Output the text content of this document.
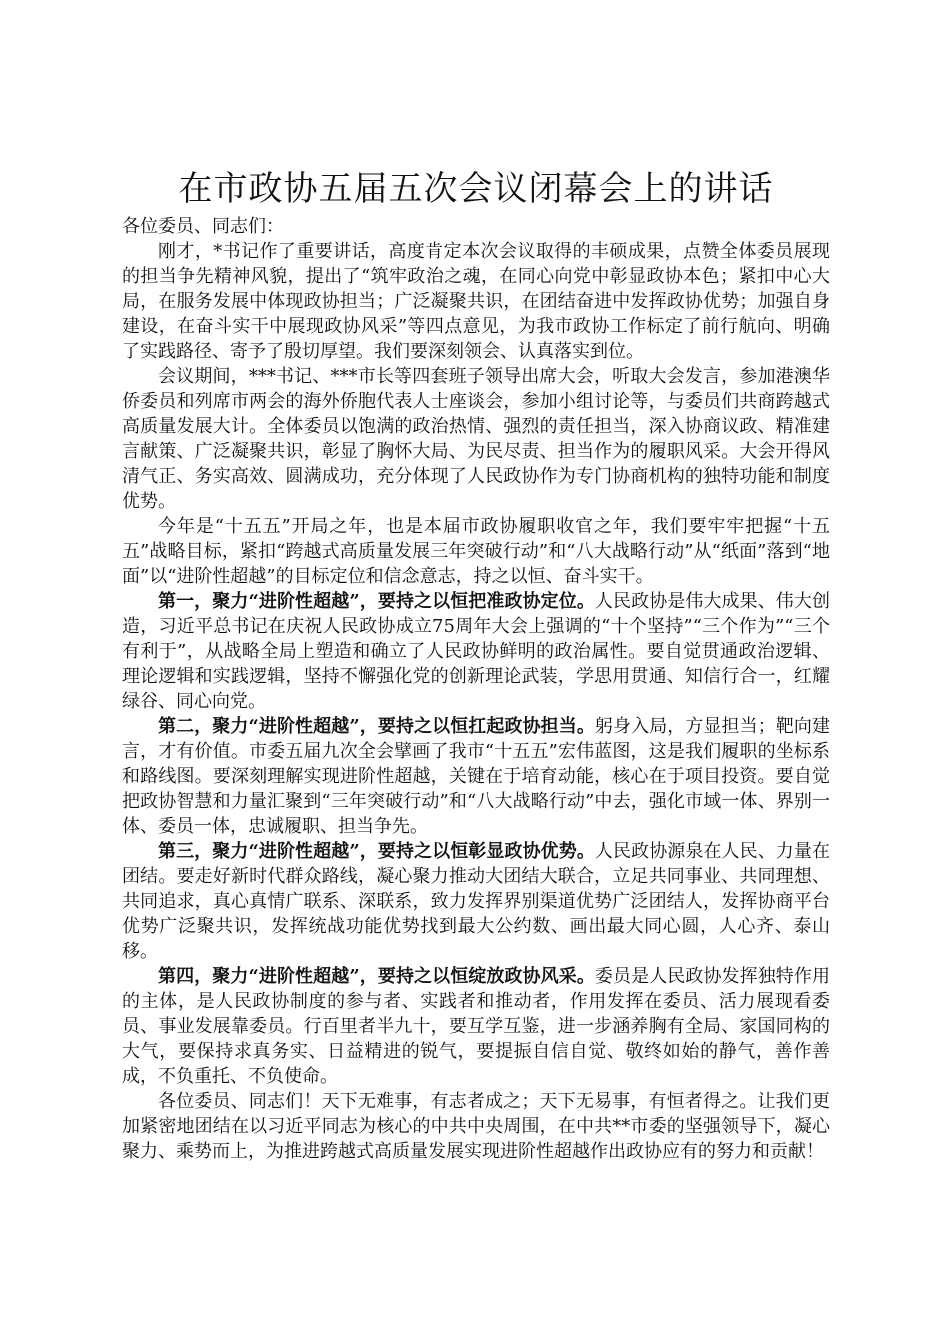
在市政协五届五次会议闭幕会上的讲话

各位委员、同志们：

刚才，*书记作了重要讲话，高度肯定本次会议取得的丰硕成果，点赞全体委员展现的担当争先精神风貌，提出了“筑牢政治之魂，在同心向党中彰显政协本色；紧扣中心大局，在服务发展中体现政协担当；广泛凝聚共识，在团结奋进中发挥政协优势；加强自身建设，在奋斗实干中展现政协风采”等四点意见，为我市政协工作标定了前行航向、明确了实践路径、寄予了殷切厚望。我们要深刻领会、认真落实到位。

会议期间，***书记、***市长等四套班子领导出席大会，听取大会发言，参加港澳华侨委员和列席市两会的海外侨胞代表人士座谈会，参加小组讨论等，与委员们共商跨越式高质量发展大计。全体委员以饱满的政治热情、强烈的责任担当，深入协商议政、精准建言献策、广泛凝聚共识，彰显了胸怀大局、为民尽责、担当作为的履职风采。大会开得风清气正、务实高效、圆满成功，充分体现了人民政协作为专门协商机构的独特功能和制度优势。

今年是“十五五”开局之年，也是本届市政协履职收官之年，我们要牢牢把握“十五五”战略目标，紧扣“跨越式高质量发展三年突破行动”和“八大战略行动”从“纸面”落到“地面”以“进阶性超越”的目标定位和信念意志，持之以恒、奋斗实干。

第一，聚力“进阶性超越”，要持之以恒把准政协定位。人民政协是伟大成果、伟大创造，习近平总书记在庆祝人民政协成立75周年大会上强调的“十个坚持”“三个作为”“三个有利于”，从战略全局上塑造和确立了人民政协鲜明的政治属性。要自觉贯通政治逻辑、理论逻辑和实践逻辑，坚持不懈强化党的创新理论武装，学思用贯通、知信行合一，红耀绿谷、同心向党。

第二，聚力“进阶性超越”，要持之以恒扛起政协担当。躬身入局，方显担当；靶向建言，才有价值。市委五届九次全会擘画了我市“十五五”宏伟蓝图，这是我们履职的坐标系和路线图。要深刻理解实现进阶性超越，关键在于培育动能，核心在于项目投资。要自觉把政协智慧和力量汇聚到“三年突破行动”和“八大战略行动”中去，强化市域一体、界别一体、委员一体，忠诚履职、担当争先。

第三，聚力“进阶性超越”，要持之以恒彰显政协优势。人民政协源泉在人民、力量在团结。要走好新时代群众路线，凝心聚力推动大团结大联合，立足共同事业、共同理想、共同追求，真心真情广联系、深联系，致力发挥界别渠道优势广泛团结人，发挥协商平台优势广泛聚共识，发挥统战功能优势找到最大公约数、画出最大同心圆，人心齐、泰山移。

第四，聚力“进阶性超越”，要持之以恒绽放政协风采。委员是人民政协发挥独特作用的主体，是人民政协制度的参与者、实践者和推动者，作用发挥在委员、活力展现看委员、事业发展靠委员。行百里者半九十，要互学互鉴，进一步涵养胸有全局、家国同构的大气，要保持求真务实、日益精进的锐气，要提振自信自觉、敬终如始的静气，善作善成，不负重托、不负使命。

各位委员、同志们！天下无难事，有志者成之；天下无易事，有恒者得之。让我们更加紧密地团结在以习近平同志为核心的中共中央周围，在中共**市委的坚强领导下，凝心聚力、乘势而上，为推进跨越式高质量发展实现进阶性超越作出政协应有的努力和贡献！
